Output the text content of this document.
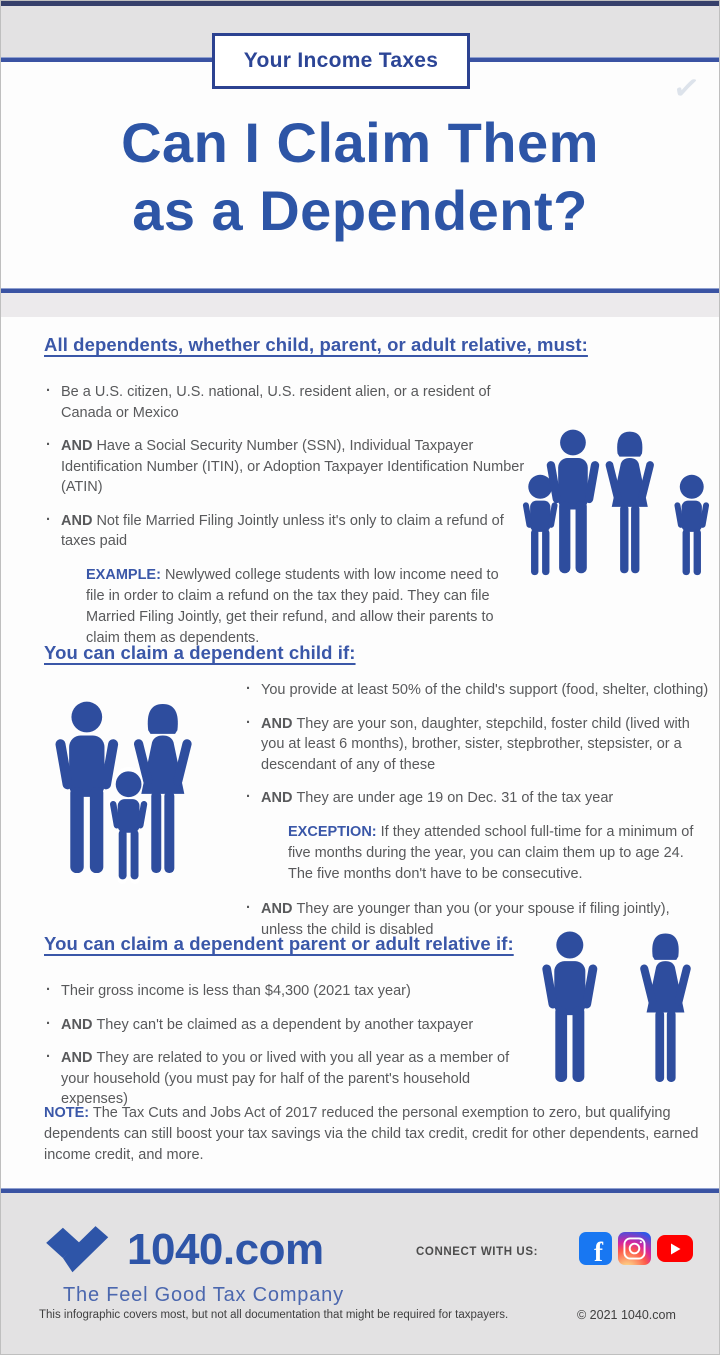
Your Income Taxes
✓
Can I Claim Them
as a Dependent?
All dependents, whether child, parent, or adult relative, must:
· Be a U.S. citizen, U.S. national, U.S. resident alien, or a resident of Canada or Mexico
· AND Have a Social Security Number (SSN), Individual Taxpayer Identification Number (ITIN), or Adoption Taxpayer Identification Number (ATIN)
· AND Not file Married Filing Jointly unless it's only to claim a refund of taxes paid

EXAMPLE: Newlywed college students with low income need to file in order to claim a refund on the tax they paid. They can file Married Filing Jointly, get their refund, and allow their parents to claim them as dependents.

You can claim a dependent child if:
· You provide at least 50% of the child's support (food, shelter, clothing)
· AND They are your son, daughter, stepchild, foster child (lived with you at least 6 months), brother, sister, stepbrother, stepsister, or a descendant of any of these
· AND They are under age 19 on Dec. 31 of the tax year

EXCEPTION: If they attended school full-time for a minimum of five months during the year, you can claim them up to age 24. The five months don't have to be consecutive.

· AND They are younger than you (or your spouse if filing jointly), unless the child is disabled
You can claim a dependent parent or adult relative if:
· Their gross income is less than $4,300 (2021 tax year)
· AND They can't be claimed as a dependent by another taxpayer
· AND They are related to you or lived with you all year as a member of your household (you must pay for half of the parent's household expenses)

NOTE: The Tax Cuts and Jobs Act of 2017 reduced the personal exemption to zero, but qualifying dependents can still boost your tax savings via the child tax credit, credit for other dependents, earned income credit, and more.

1040.com
The Feel Good Tax Company
CONNECT WITH US: f
This infographic covers most, but not all documentation that might be required for taxpayers.	© 2021 1040.com
